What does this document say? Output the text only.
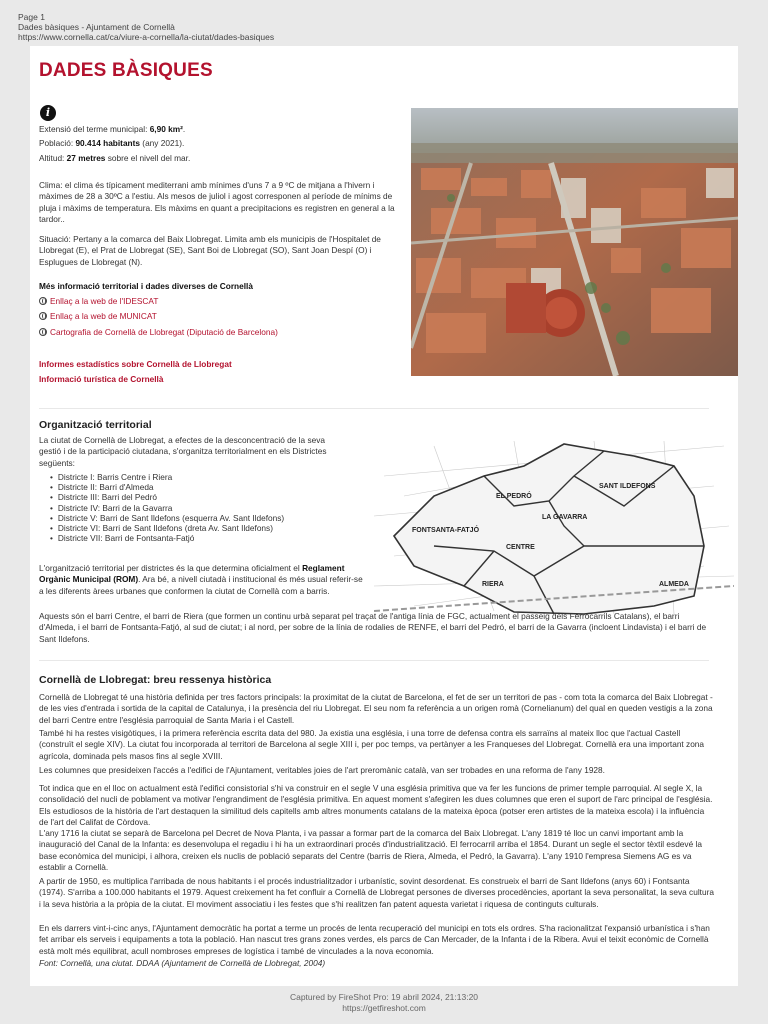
Page 1
Dades bàsiques - Ajuntament de Cornellà
https://www.cornella.cat/ca/viure-a-cornella/la-ciutat/dades-basiques
DADES BÀSIQUES
i
Extensió del terme municipal: 6,90 km².
Població: 90.414 habitants (any 2021).
Altitud: 27 metres sobre el nivell del mar.
Clima: el clima és típicament mediterrani amb mínimes d'uns 7 a 9 ºC de mitjana a l'hivern i màximes de 28 a 30ºC a l'estiu. Als mesos de juliol i agost corresponen al període de mínims de pluja i màxims de temperatura. Els màxims en quant a precipitacions es registren en general a la tardor..
Situació: Pertany a la comarca del Baix Llobregat. Limita amb els municipis de l'Hospitalet de Llobregat (E), el Prat de Llobregat (SE), Sant Boi de Llobregat (SO), Sant Joan Despí (O) i Esplugues de Llobregat (N).
Més informació territorial i dades diverses de Cornellà
Enllaç a la web de l'IDESCAT
Enllaç a la web de MUNICAT
Cartografia de Cornellà de Llobregat (Diputació de Barcelona)
Informes estadístics sobre Cornellà de Llobregat
Informació turística de Cornellà
Organització territorial
La ciutat de Cornellà de Llobregat, a efectes de la desconcentració de la seva gestió i de la participació ciutadana, s'organitza territorialment en els Districtes següents:
• Districte I: Barris Centre i Riera
• Districte II: Barri d'Almeda
• Districte III: Barri del Pedró
• Districte IV: Barri de la Gavarra
• Districte V: Barri de Sant Ildefons (esquerra Av. Sant Ildefons)
• Districte VI: Barri de Sant Ildefons (dreta Av. Sant Ildefons)
• Districte VII: Barri de Fontsanta-Fatjó
L'organització territorial per districtes és la que determina oficialment el Reglament Orgànic Municipal (ROM). Ara bé, a nivell ciutadà i institucional és més usual referir-se a les diferents àrees urbanes que conformen la ciutat de Cornellà com a barris.
EL PEDRÓ
SANT ILDEFONS
LA GAVARRA
FONTSANTA-FATJÓ
CENTRE
RIERA	ALMEDA
Aquests són el barri Centre, el barri de Riera (que formen un continu urbà separat pel traçat de l'antiga línia de FGC, actualment el passeig dels Ferrocarrils Catalans), el barri d'Almeda, i el barri de Fontsanta-Fatjó, al sud de ciutat; i al nord, per sobre de la línia de rodalies de RENFE, el barri del Pedró, el barri de la Gavarra (incloent Lindavista) i el barri de Sant Ildefons.
Cornellà de Llobregat: breu ressenya històrica
Cornellà de Llobregat té una història definida per tres factors principals: la proximitat de la ciutat de Barcelona, el fet de ser un territori de pas - com tota la comarca del Baix Llobregat - de les vies d'entrada i sortida de la capital de Catalunya, i la presència del riu Llobregat. El seu nom fa referència a un origen romà (Cornelianum) del qual en queden vestigis a la zona del barri Centre entre l'església parroquial de Santa Maria i el Castell.
També hi ha restes visigòtiques, i la primera referència escrita data del 980. Ja existia una església, i una torre de defensa contra els sarraïns al mateix lloc que l'actual Castell (construït el segle XIV). La ciutat fou incorporada al territori de Barcelona al segle XIII i, per poc temps, va pertànyer a les Franqueses del Llobregat. Cornellà era una important zona agrícola, dominada pels masos fins al segle XVIII.
Les columnes que presideixen l'accés a l'edifici de l'Ajuntament, veritables joies de l'art preromànic català, van ser trobades en una reforma de l'any 1928.
Tot indica que en el lloc on actualment està l'edifici consistorial s'hi va construir en el segle V una església primitiva que va fer les funcions de primer temple parroquial. Al segle X, la consolidació del nucli de poblament va motivar l'engrandiment de l'església primitiva. En aquest moment s'afegiren les dues columnes que eren el suport de l'arc principal de l'església. Els estudiosos de la història de l'art destaquen la similitud dels capitells amb altres monuments catalans de la mateixa època (potser eren artistes de la mateixa escola) i la influència de l'art del Califat de Còrdova.
L'any 1716 la ciutat se separà de Barcelona pel Decret de Nova Planta, i va passar a formar part de la comarca del Baix Llobregat. L'any 1819 té lloc un canvi important amb la inauguració del Canal de la Infanta: es desenvolupa el regadiu i hi ha un extraordinari procés d'industrialització. El ferrocarril arriba el 1854. Durant un segle el sector tèxtil esdevé la base econòmica del municipi, i alhora, creixen els nuclis de població separats del Centre (barris de Riera, Almeda, el Pedró, la Gavarra). L'any 1910 l'empresa Siemens AG es va establir a Cornellà.
A partir de 1950, es multiplica l'arribada de nous habitants i el procés industrialitzador i urbanístic, sovint desordenat. Es construeix el barri de Sant Ildefons (anys 60) i Fontsanta (1974). S'arriba a 100.000 habitants el 1979. Aquest creixement ha fet confluir a Cornellà de Llobregat persones de diverses procedències, aportant la seva personalitat, la seva cultura i la seva història a la pròpia de la ciutat. El moviment associatiu i les festes que s'hi realitzen fan patent aquesta varietat i riquesa de continguts culturals.
En els darrers vint-i-cinc anys, l'Ajuntament democràtic ha portat a terme un procés de lenta recuperació del municipi en tots els ordres. S'ha racionalitzat l'expansió urbanística i s'han fet arribar els serveis i equipaments a tota la població. Han nascut tres grans zones verdes, els parcs de Can Mercader, de la Infanta i de la Ribera. Avui el teixit econòmic de Cornellà està molt més equilibrat, acull nombroses empreses de logística i també de vinculades a la nova economia.
Font: Cornellà, una ciutat. DDAA (Ajuntament de Cornellà de Llobregat, 2004)
Captured by FireShot Pro: 19 abril 2024, 21:13:20
https://getfireshot.com
